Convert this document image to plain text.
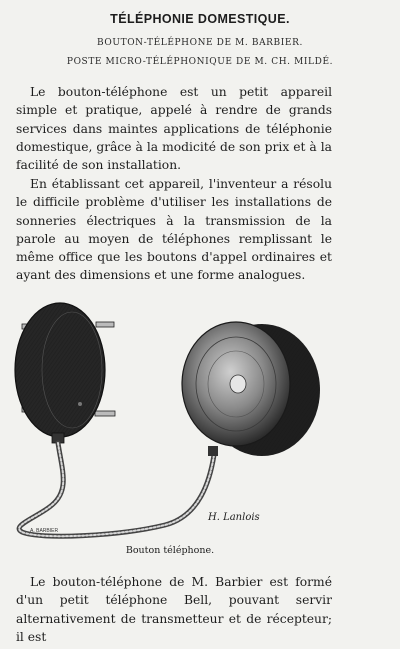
TÉLÉPHONIE DOMESTIQUE.
BOUTON-TÉLÉPHONE DE M. BARBIER.
POSTE MICRO-TÉLÉPHONIQUE DE M. CH. MILDÉ.

Le bouton-téléphone est un petit appareil simple et pratique, appelé à rendre de grands services dans maintes applications de téléphonie domestique, grâce à la modicité de son prix et à la facilité de son installation.

En établissant cet appareil, l'inventeur a résolu le difficile problème d'utiliser les installations de sonneries électriques à la transmission de la parole au moyen de téléphones remplissant le même office que les boutons d'appel ordinaires et ayant des dimensions et une forme analogues.

A. BARBIER
H. Lanlois
Bouton téléphone.

Le bouton-téléphone de M. Barbier est formé d'un petit téléphone Bell, pouvant servir alternativement de transmetteur et de récepteur; il est
